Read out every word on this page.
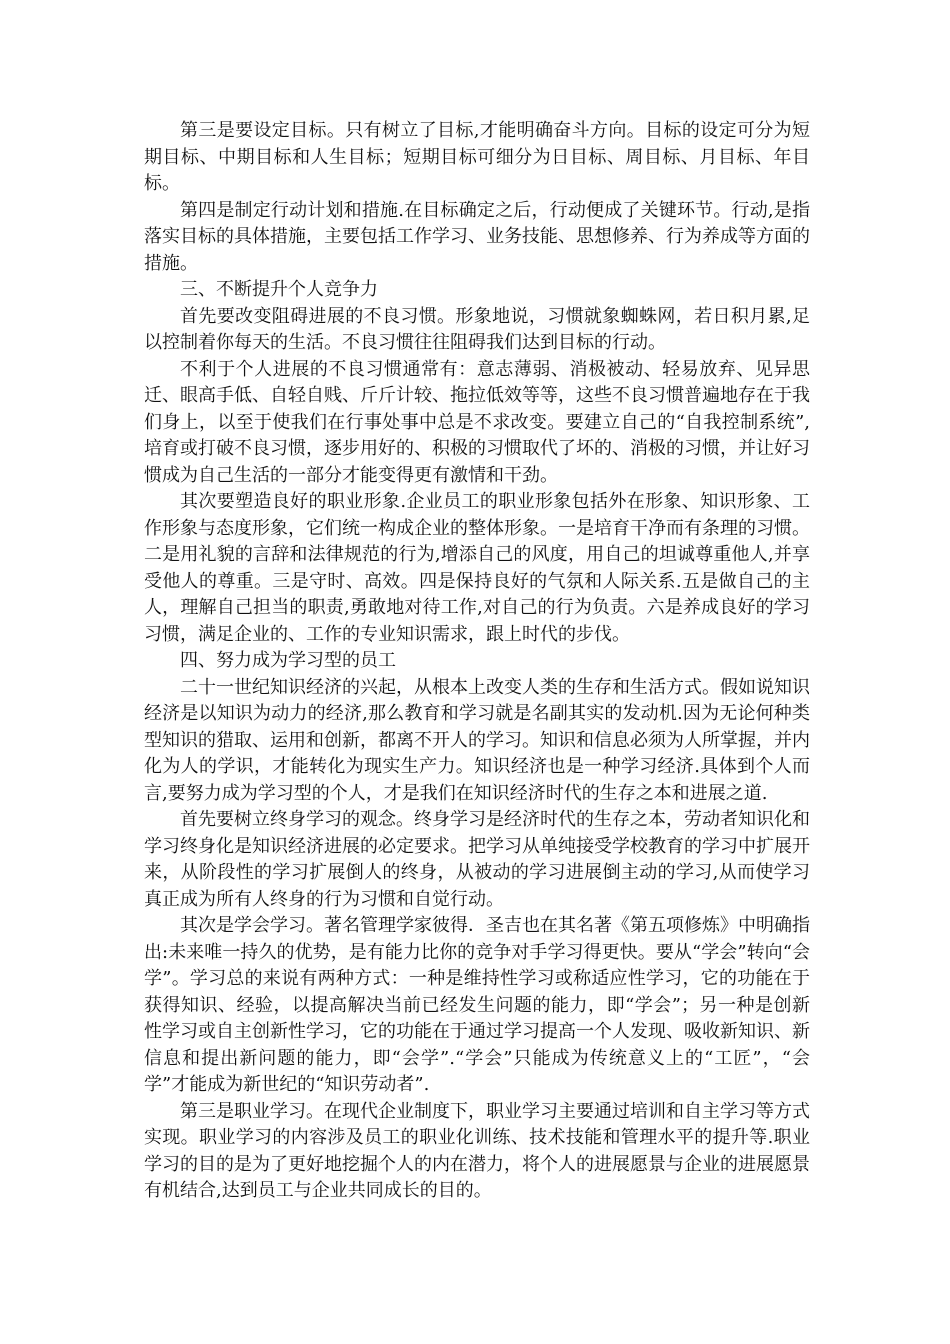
第三是要设定目标。只有树立了目标,才能明确奋斗方向。目标的设定可分为短期目标、中期目标和人生目标；短期目标可细分为日目标、周目标、月目标、年目标。

第四是制定行动计划和措施.在目标确定之后，行动便成了关键环节。行动,是指落实目标的具体措施，主要包括工作学习、业务技能、思想修养、行为养成等方面的措施。

三、不断提升个人竞争力

首先要改变阻碍进展的不良习惯。形象地说，习惯就象蜘蛛网，若日积月累,足以控制着你每天的生活。不良习惯往往阻碍我们达到目标的行动。

不利于个人进展的不良习惯通常有：意志薄弱、消极被动、轻易放弃、见异思迁、眼高手低、自轻自贱、斤斤计较、拖拉低效等等，这些不良习惯普遍地存在于我们身上，以至于使我们在行事处事中总是不求改变。要建立自己的“自我控制系统”,培育或打破不良习惯，逐步用好的、积极的习惯取代了坏的、消极的习惯，并让好习惯成为自己生活的一部分才能变得更有激情和干劲。

其次要塑造良好的职业形象.企业员工的职业形象包括外在形象、知识形象、工作形象与态度形象，它们统一构成企业的整体形象。一是培育干净而有条理的习惯。二是用礼貌的言辞和法律规范的行为,增添自己的风度，用自己的坦诚尊重他人,并享受他人的尊重。三是守时、高效。四是保持良好的气氛和人际关系.五是做自己的主人，理解自己担当的职责,勇敢地对待工作,对自己的行为负责。六是养成良好的学习习惯，满足企业的、工作的专业知识需求，跟上时代的步伐。

四、努力成为学习型的员工

二十一世纪知识经济的兴起，从根本上改变人类的生存和生活方式。假如说知识经济是以知识为动力的经济,那么教育和学习就是名副其实的发动机.因为无论何种类型知识的猎取、运用和创新，都离不开人的学习。知识和信息必须为人所掌握，并内化为人的学识，才能转化为现实生产力。知识经济也是一种学习经济.具体到个人而言,要努力成为学习型的个人，才是我们在知识经济时代的生存之本和进展之道.

首先要树立终身学习的观念。终身学习是经济时代的生存之本，劳动者知识化和学习终身化是知识经济进展的必定要求。把学习从单纯接受学校教育的学习中扩展开来，从阶段性的学习扩展倒人的终身，从被动的学习进展倒主动的学习,从而使学习真正成为所有人终身的行为习惯和自觉行动。

其次是学会学习。著名管理学家彼得．圣吉也在其名著《第五项修炼》中明确指出:未来唯一持久的优势，是有能力比你的竞争对手学习得更快。要从“学会”转向“会学”。学习总的来说有两种方式：一种是维持性学习或称适应性学习，它的功能在于获得知识、经验，以提高解决当前已经发生问题的能力，即“学会”；另一种是创新性学习或自主创新性学习，它的功能在于通过学习提高一个人发现、吸收新知识、新信息和提出新问题的能力，即“会学”.“学会”只能成为传统意义上的“工匠”，“会学”才能成为新世纪的“知识劳动者”.

第三是职业学习。在现代企业制度下，职业学习主要通过培训和自主学习等方式实现。职业学习的内容涉及员工的职业化训练、技术技能和管理水平的提升等.职业学习的目的是为了更好地挖掘个人的内在潜力，将个人的进展愿景与企业的进展愿景有机结合,达到员工与企业共同成长的目的。
